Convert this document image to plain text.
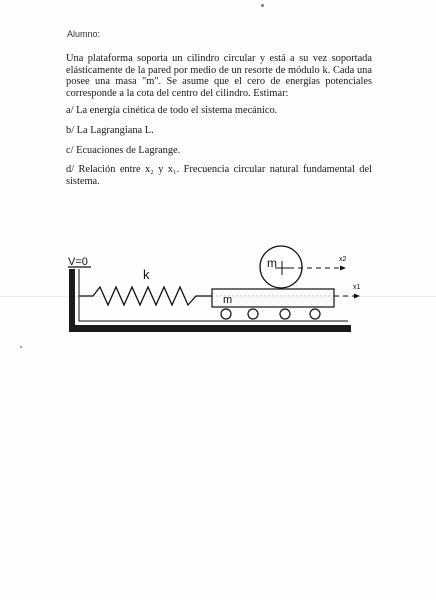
Alumno:
Una plataforma soporta un cilindro circular y está a su vez soportada elásticamente de la pared por medio de un resorte de módulo k. Cada una posee una masa "m". Se asume que el cero de energías potenciales corresponde a la cota del centro del cilindro. Estimar:
a/ La energía cinética de todo el sistema mecánico.
b/ La Lagrangiana L.
c/ Ecuaciones de Lagrange.
d/ Relación entre x₂ y x₁. Frecuencia circular natural fundamental del sistema.
V=0
k
m
m	x2
x1
